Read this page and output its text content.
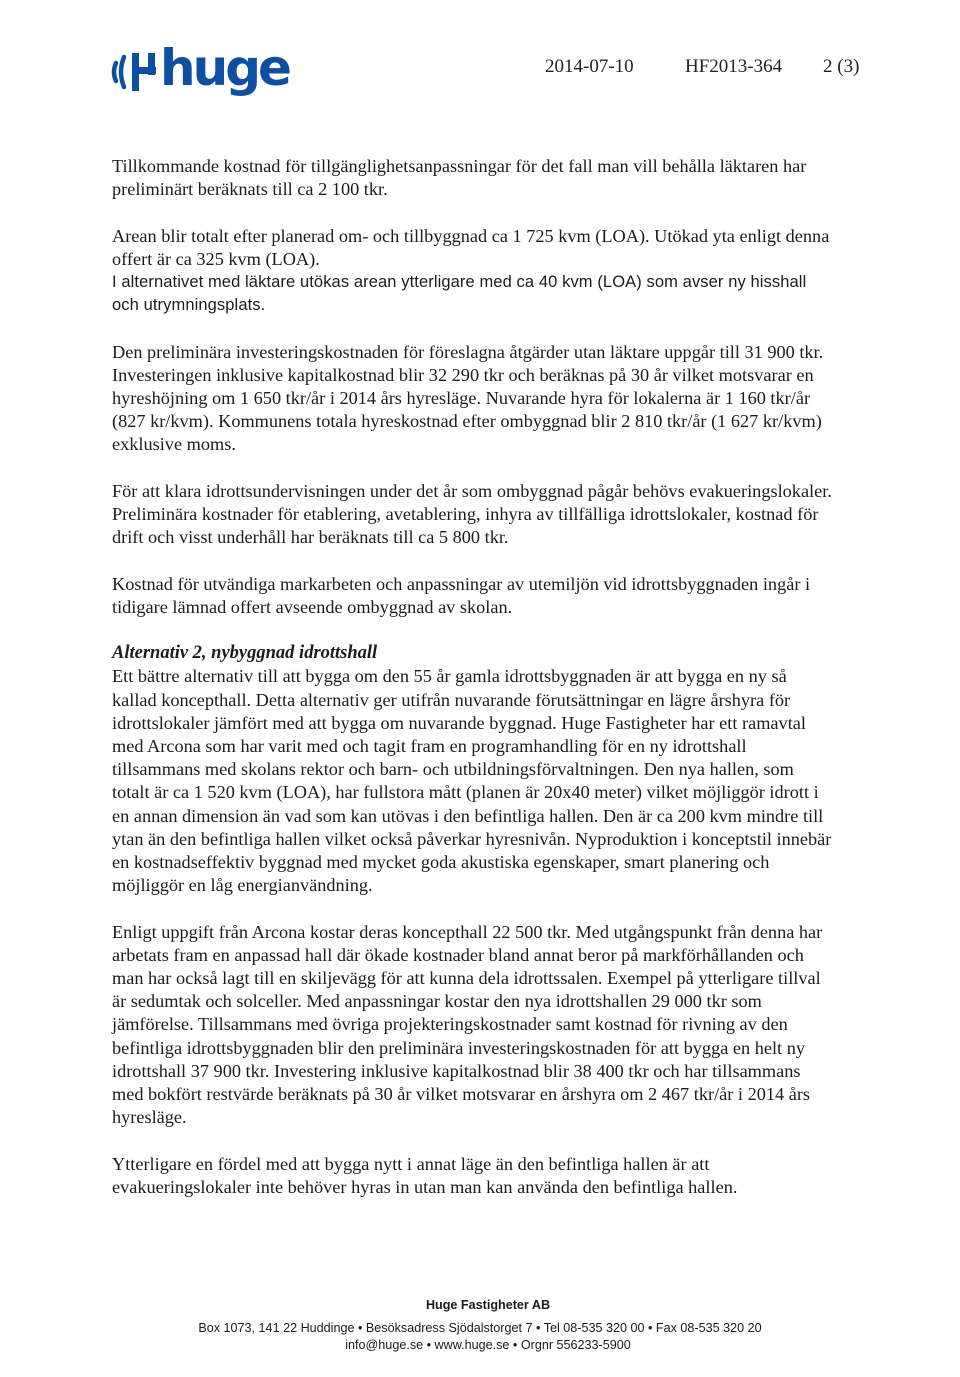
huge	2014-07-10	HF2013-364 2 (3)

Tillkommande kostnad för tillgänglighetsanpassningar för det fall man vill behålla läktaren har preliminärt beräknats till ca 2 100 tkr.

Arean blir totalt efter planerad om- och tillbyggnad ca 1 725 kvm (LOA). Utökad yta enligt denna offert är ca 325 kvm (LOA).

I alternativet med läktare utökas arean ytterligare med ca 40 kvm (LOA) som avser ny hisshall och utrymningsplats.

Den preliminära investeringskostnaden för föreslagna åtgärder utan läktare uppgår till 31 900 tkr. Investeringen inklusive kapitalkostnad blir 32 290 tkr och beräknas på 30 år vilket motsvarar en hyreshöjning om 1 650 tkr/år i 2014 års hyresläge. Nuvarande hyra för lokalerna är 1 160 tkr/år (827 kr/kvm). Kommunens totala hyreskostnad efter ombyggnad blir 2 810 tkr/år (1 627 kr/kvm) exklusive moms.

För att klara idrottsundervisningen under det år som ombyggnad pågår behövs evakueringslokaler. Preliminära kostnader för etablering, avetablering, inhyra av tillfälliga idrottslokaler, kostnad för drift och visst underhåll har beräknats till ca 5 800 tkr.

Kostnad för utvändiga markarbeten och anpassningar av utemiljön vid idrottsbyggnaden ingår i tidigare lämnad offert avseende ombyggnad av skolan.

Alternativ 2, nybyggnad idrottshall

Ett bättre alternativ till att bygga om den 55 år gamla idrottsbyggnaden är att bygga en ny så kallad koncepthall. Detta alternativ ger utifrån nuvarande förutsättningar en lägre årshyra för idrottslokaler jämfört med att bygga om nuvarande byggnad. Huge Fastigheter har ett ramavtal med Arcona som har varit med och tagit fram en programhandling för en ny idrottshall tillsammans med skolans rektor och barn- och utbildningsförvaltningen. Den nya hallen, som totalt är ca 1 520 kvm (LOA), har fullstora mått (planen är 20x40 meter) vilket möjliggör idrott i en annan dimension än vad som kan utövas i den befintliga hallen. Den är ca 200 kvm mindre till ytan än den befintliga hallen vilket också påverkar hyresnivån. Nyproduktion i konceptstil innebär en kostnadseffektiv byggnad med mycket goda akustiska egenskaper, smart planering och möjliggör en låg energianvändning.

Enligt uppgift från Arcona kostar deras koncepthall 22 500 tkr. Med utgångspunkt från denna har arbetats fram en anpassad hall där ökade kostnader bland annat beror på markförhållanden och man har också lagt till en skiljevägg för att kunna dela idrottssalen. Exempel på ytterligare tillval är sedumtak och solceller. Med anpassningar kostar den nya idrottshallen 29 000 tkr som jämförelse. Tillsammans med övriga projekteringskostnader samt kostnad för rivning av den befintliga idrottsbyggnaden blir den preliminära investeringskostnaden för att bygga en helt ny idrottshall 37 900 tkr. Investering inklusive kapitalkostnad blir 38 400 tkr och har tillsammans med bokfört restvärde beräknats på 30 år vilket motsvarar en årshyra om 2 467 tkr/år i 2014 års hyresläge.

Ytterligare en fördel med att bygga nytt i annat läge än den befintliga hallen är att evakueringslokaler inte behöver hyras in utan man kan använda den befintliga hallen.

Huge Fastigheter AB
Box 1073, 141 22 Huddinge • Besöksadress Sjödalstorget 7 • Tel 08-535 320 00 • Fax 08-535 320 20
info@huge.se • www.huge.se • Orgnr 556233-5900
